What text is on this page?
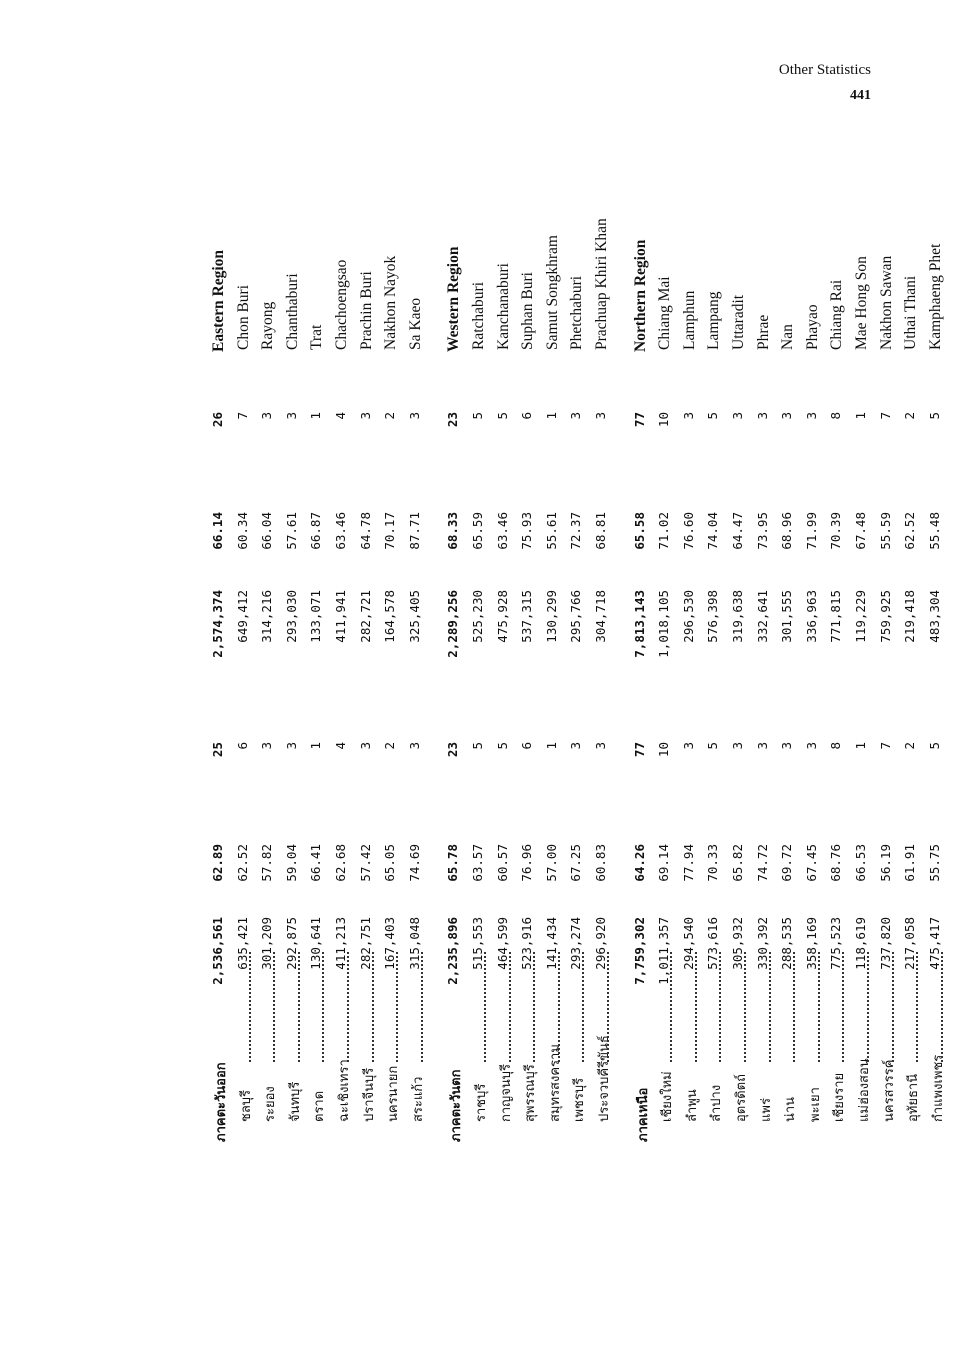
Other Statistics
441
ภาคตะวันออก
2,536,561
62.89
25
2,574,374
66.14
26
Eastern Region
ชลบุรี
635,421
62.52
6
649,412
60.34
7
Chon Buri
ระยอง
301,209
57.82
3
314,216
66.04
3
Rayong
จันทบุรี
292,875
59.04
3
293,030
57.61
3
Chanthaburi
ตราด
130,641
66.41
1
133,071
66.87
1
Trat
ฉะเชิงเทรา
411,213
62.68
4
411,941
63.46
4
Chachoengsao
ปราจีนบุรี
282,751
57.42
3
282,721
64.78
3
Prachin Buri
นครนายก
167,403
65.05
2
164,578
70.17
2
Nakhon Nayok
สระแก้ว
315,048
74.69
3
325,405
87.71
3
Sa Kaeo
ภาคตะวันตก
2,235,896
65.78
23
2,289,256
68.33
23
Western Region
ราชบุรี
515,553
63.57
5
525,230
65.59
5
Ratchaburi
กาญจนบุรี
464,599
60.57
5
475,928
63.46
5
Kanchanaburi
สุพรรณบุรี
523,916
76.96
6
537,315
75.93
6
Suphan Buri
สมุทรสงคราม
141,434
57.00
1
130,299
55.61
1
Samut Songkhram
เพชรบุรี
293,274
67.25
3
295,766
72.37
3
Phetchaburi
ประจวบคีรีขันธ์
296,920
60.83
3
304,718
68.81
3
Prachuap Khiri Khan
ภาคเหนือ
7,759,302
64.26
77
7,813,143
65.58
77
Northern Region
เชียงใหม่
1,011,357
69.14
10
1,018,105
71.02
10
Chiang Mai
ลำพูน
294,540
77.94
3
296,530
76.60
3
Lamphun
ลำปาง
573,616
70.33
5
576,398
74.04
5
Lampang
อุตรดิตถ์
305,932
65.82
3
319,638
64.47
3
Uttaradit
แพร่
330,392
74.72
3
332,641
73.95
3
Phrae
น่าน
288,535
69.72
3
301,555
68.96
3
Nan
พะเยา
358,169
67.45
3
336,963
71.99
3
Phayao
เชียงราย
775,523
68.76
8
771,815
70.39
8
Chiang Rai
แม่ฮ่องสอน
118,619
66.53
1
119,229
67.48
1
Mae Hong Son
นครสวรรค์
737,820
56.19
7
759,925
55.59
7
Nakhon Sawan
อุทัยธานี
217,058
61.91
2
219,418
62.52
2
Uthai Thani
กำแพงเพชร
475,417
55.75
5
483,304
55.48
5
Kamphaeng Phet
